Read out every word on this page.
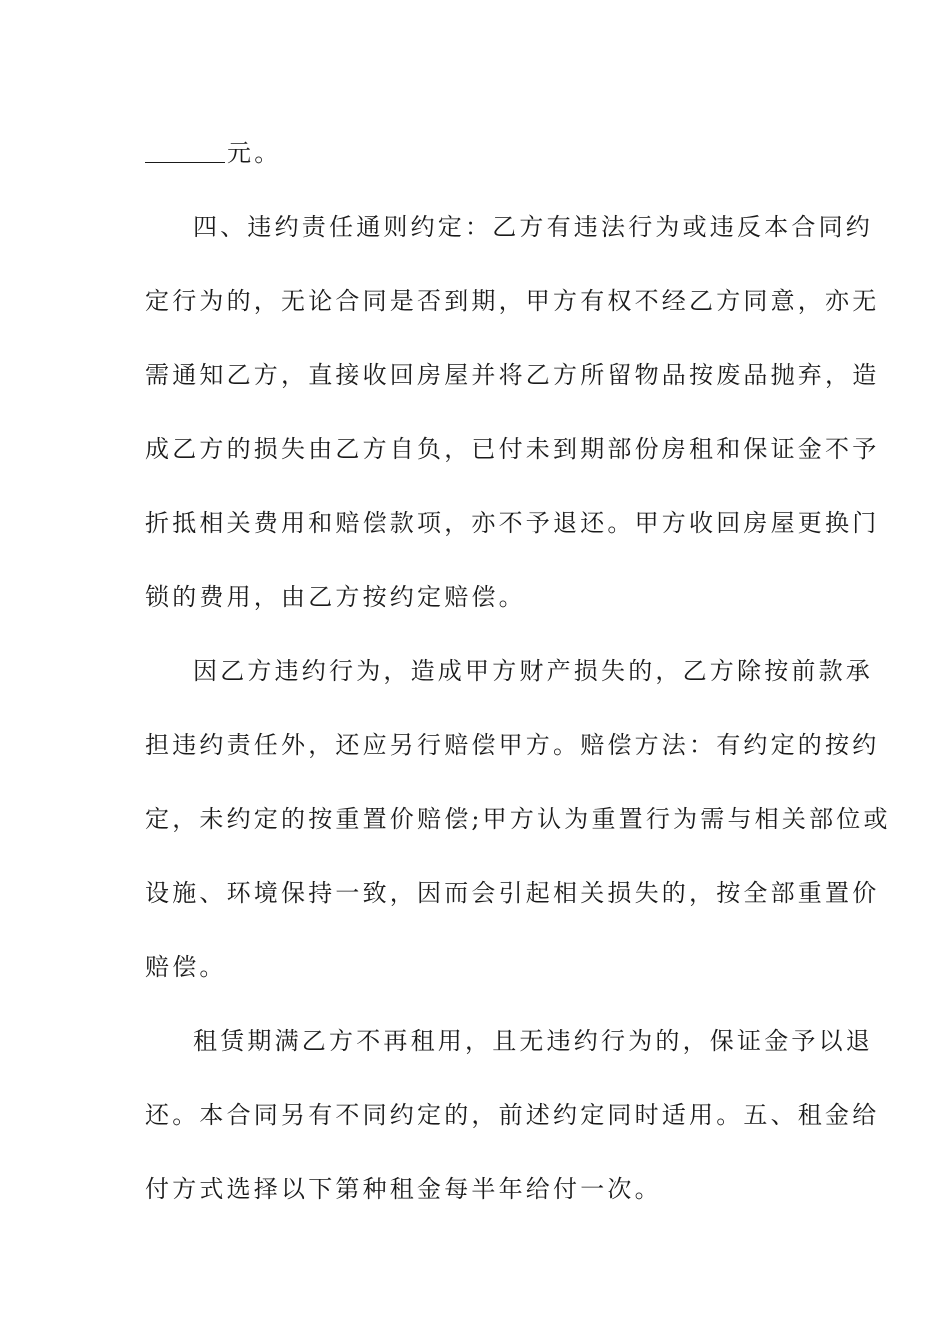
元。
四、违约责任通则约定：乙方有违法行为或违反本合同约
定行为的，无论合同是否到期，甲方有权不经乙方同意，亦无
需通知乙方，直接收回房屋并将乙方所留物品按废品抛弃，造
成乙方的损失由乙方自负，已付未到期部份房租和保证金不予
折抵相关费用和赔偿款项，亦不予退还。甲方收回房屋更换门
锁的费用，由乙方按约定赔偿。
因乙方违约行为，造成甲方财产损失的，乙方除按前款承
担违约责任外，还应另行赔偿甲方。赔偿方法：有约定的按约
定，未约定的按重置价赔偿;甲方认为重置行为需与相关部位或
设施、环境保持一致，因而会引起相关损失的，按全部重置价
赔偿。
租赁期满乙方不再租用，且无违约行为的，保证金予以退
还。本合同另有不同约定的，前述约定同时适用。五、租金给
付方式选择以下第种租金每半年给付一次。
